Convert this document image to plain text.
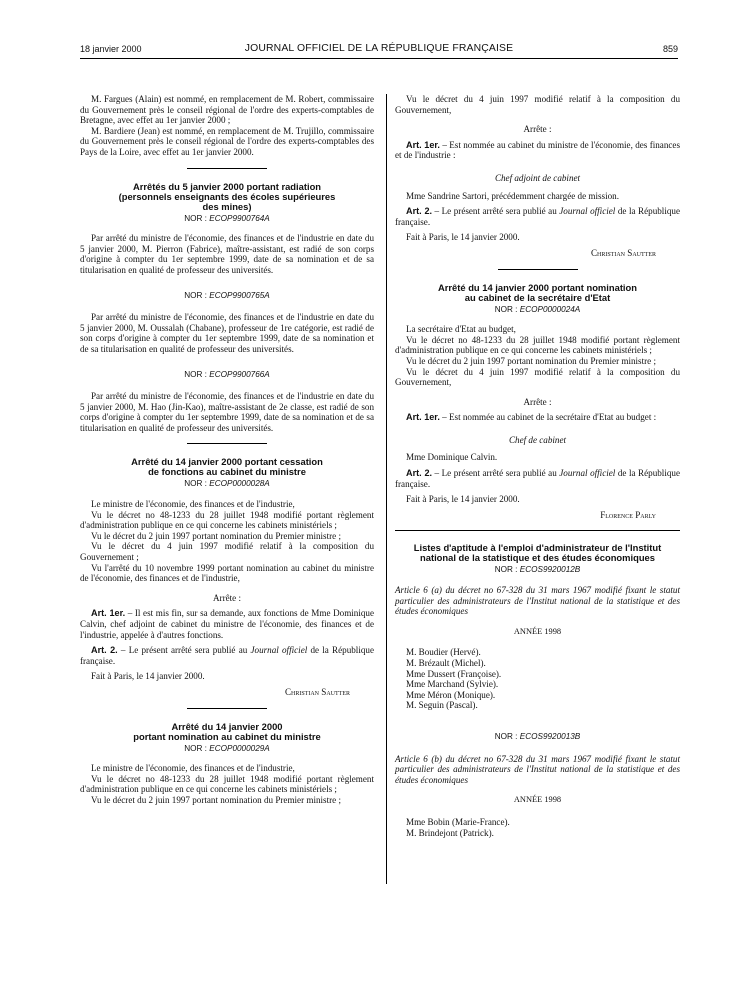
18 janvier 2000	JOURNAL OFFICIEL DE LA RÉPUBLIQUE FRANÇAISE	859

M. Fargues (Alain) est nommé, en remplacement de M. Robert, commissaire du Gouvernement près le conseil régional de l'ordre des experts-comptables de Bretagne, avec effet au 1er janvier 2000 ;

M. Bardiere (Jean) est nommé, en remplacement de M. Trujillo, commissaire du Gouvernement près le conseil régional de l'ordre des experts-comptables des Pays de la Loire, avec effet au 1er janvier 2000.

Arrêtés du 5 janvier 2000 portant radiation
(personnels enseignants des écoles supérieures
des mines)
NOR : ECOP9900764A

Par arrêté du ministre de l'économie, des finances et de l'industrie en date du 5 janvier 2000, M. Pierron (Fabrice), maître-assistant, est radié de son corps d'origine à compter du 1er septembre 1999, date de sa nomination et de sa titularisation en qualité de professeur des universités.

NOR : ECOP9900765A

Par arrêté du ministre de l'économie, des finances et de l'industrie en date du 5 janvier 2000, M. Oussalah (Chabane), professeur de 1re catégorie, est radié de son corps d'origine à compter du 1er septembre 1999, date de sa nomination et de sa titularisation en qualité de professeur des universités.

NOR : ECOP9900766A

Par arrêté du ministre de l'économie, des finances et de l'industrie en date du 5 janvier 2000, M. Hao (Jin-Kao), maître-assistant de 2e classe, est radié de son corps d'origine à compter du 1er septembre 1999, date de sa nomination et de sa titularisation en qualité de professeur des universités.

Arrêté du 14 janvier 2000 portant cessation
de fonctions au cabinet du ministre
NOR : ECOP0000028A

Le ministre de l'économie, des finances et de l'industrie,

Vu le décret no 48-1233 du 28 juillet 1948 modifié portant règlement d'administration publique en ce qui concerne les cabinets ministériels ;

Vu le décret du 2 juin 1997 portant nomination du Premier ministre ;

Vu le décret du 4 juin 1997 modifié relatif à la composition du Gouvernement ;

Vu l'arrêté du 10 novembre 1999 portant nomination au cabinet du ministre de l'économie, des finances et de l'industrie,

Arrête :

Art. 1er. – Il est mis fin, sur sa demande, aux fonctions de Mme Dominique Calvin, chef adjoint de cabinet du ministre de l'économie, des finances et de l'industrie, appelée à d'autres fonctions.

Art. 2. – Le présent arrêté sera publié au Journal officiel de la République française.

Fait à Paris, le 14 janvier 2000.

Christian Sautter

Arrêté du 14 janvier 2000
portant nomination au cabinet du ministre
NOR : ECOP0000029A

Le ministre de l'économie, des finances et de l'industrie,

Vu le décret no 48-1233 du 28 juillet 1948 modifié portant règlement d'administration publique en ce qui concerne les cabinets ministériels ;

Vu le décret du 2 juin 1997 portant nomination du Premier ministre ;

Vu le décret du 4 juin 1997 modifié relatif à la composition du Gouvernement,

Arrête :

Art. 1er. – Est nommée au cabinet du ministre de l'économie, des finances et de l'industrie :

Chef adjoint de cabinet

Mme Sandrine Sartori, précédemment chargée de mission.

Art. 2. – Le présent arrêté sera publié au Journal officiel de la République française.

Fait à Paris, le 14 janvier 2000.

Christian Sautter

Arrêté du 14 janvier 2000 portant nomination
au cabinet de la secrétaire d'Etat
NOR : ECOP0000024A

La secrétaire d'Etat au budget,

Vu le décret no 48-1233 du 28 juillet 1948 modifié portant règlement d'administration publique en ce qui concerne les cabinets ministériels ;

Vu le décret du 2 juin 1997 portant nomination du Premier ministre ;

Vu le décret du 4 juin 1997 modifié relatif à la composition du Gouvernement,

Arrête :

Art. 1er. – Est nommée au cabinet de la secrétaire d'Etat au budget :

Chef de cabinet

Mme Dominique Calvin.

Art. 2. – Le présent arrêté sera publié au Journal officiel de la République française.

Fait à Paris, le 14 janvier 2000.

Florence Parly

Listes d'aptitude à l'emploi d'administrateur de l'Institut
national de la statistique et des études économiques
NOR : ECOS9920012B

Article 6 (a) du décret no 67-328 du 31 mars 1967 modifié fixant le statut particulier des administrateurs de l'Institut national de la statistique et des études économiques

ANNÉE 1998

M. Boudier (Hervé).

M. Brézault (Michel).

Mme Dussert (Françoise).

Mme Marchand (Sylvie).

Mme Méron (Monique).

M. Seguin (Pascal).

NOR : ECOS9920013B

Article 6 (b) du décret no 67-328 du 31 mars 1967 modifié fixant le statut particulier des administrateurs de l'Institut national de la statistique et des études économiques

ANNÉE 1998

Mme Bobin (Marie-France).

M. Brindejont (Patrick).
